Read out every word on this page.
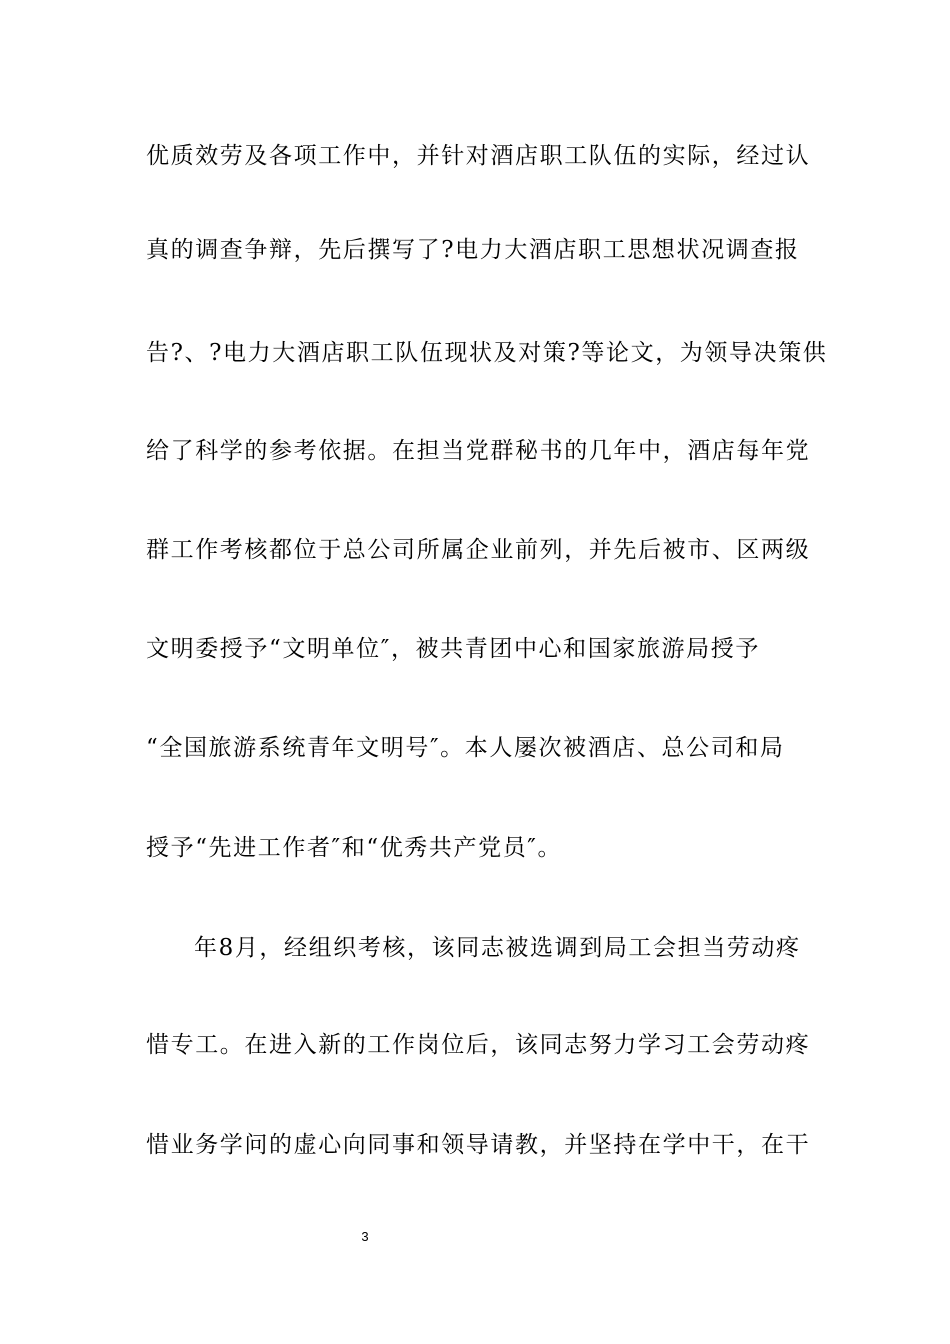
优质效劳及各项工作中，并针对酒店职工队伍的实际，经过认
真的调查争辩，先后撰写了?电力大酒店职工思想状况调查报
告?、?电力大酒店职工队伍现状及对策?等论文，为领导决策供
给了科学的参考依据。在担当党群秘书的几年中，酒店每年党
群工作考核都位于总公司所属企业前列，并先后被市、区两级
文明委授予“文明单位″，被共青团中心和国家旅游局授予
“全国旅游系统青年文明号″。本人屡次被酒店、总公司和局
授予“先进工作者″和“优秀共产党员″。
年8月，经组织考核，该同志被选调到局工会担当劳动疼
惜专工。在进入新的工作岗位后，该同志努力学习工会劳动疼
惜业务学问的虚心向同事和领导请教，并坚持在学中干，在干
3
